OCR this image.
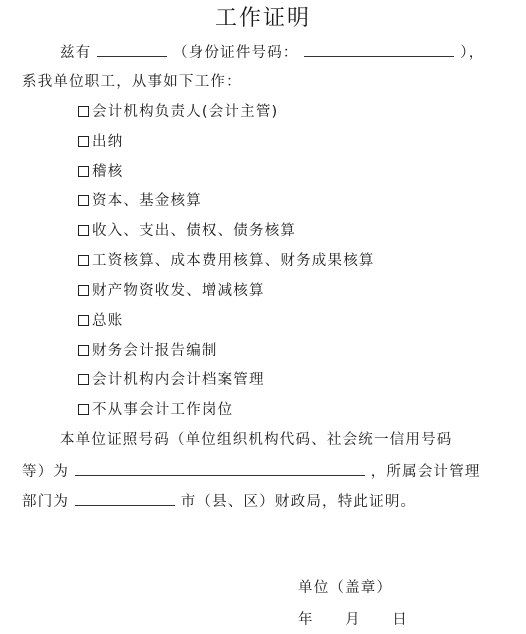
工作证明
兹有	（身份证件号码：	），
系我单位职工，从事如下工作：
会计机构负责人(会计主管)
出纳
稽核
资本、基金核算
收入、支出、债权、债务核算
工资核算、成本费用核算、财务成果核算
财产物资收发、增减核算
总账
财务会计报告编制
会计机构内会计档案管理
不从事会计工作岗位
本单位证照号码（单位组织机构代码、社会统一信用号码
等）为	，所属会计管理
部门为	市（县、区）财政局，特此证明。
单位（盖章）
年　　月　　日
